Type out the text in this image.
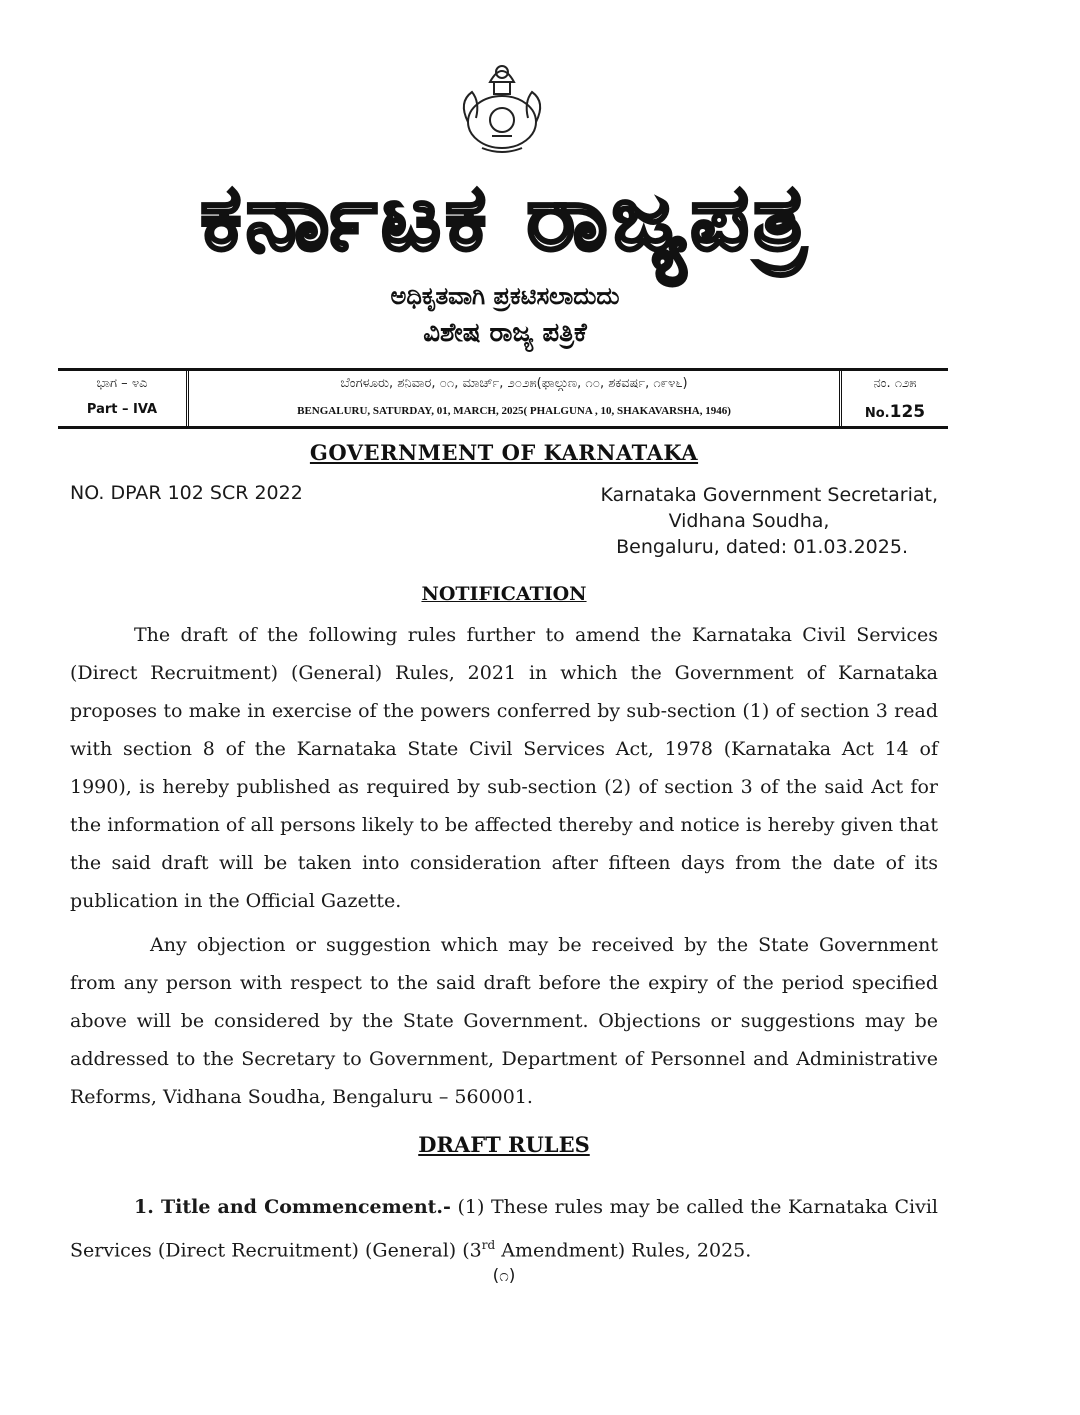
ಕರ್ನಾಟಕ ರಾಜ್ಯಪತ್ರ
ಅಧಿಕೃತವಾಗಿ ಪ್ರಕಟಿಸಲಾದುದು
ವಿಶೇಷ ರಾಜ್ಯ ಪತ್ರಿಕೆ
ಭಾಗ – ೪ಎ
Part – IVA
ಬೆಂಗಳೂರು, ಶನಿವಾರ, ೦೧, ಮಾರ್ಚ್, ೨೦೨೫(ಫಾಲ್ಗುಣ, ೧೦, ಶಕವರ್ಷ, ೧೯೪೬)
BENGALURU, SATURDAY, 01, MARCH, 2025( PHALGUNA , 10, SHAKAVARSHA, 1946)
ನಂ. ೧೨೫
No.125
GOVERNMENT OF KARNATAKA
NO. DPAR 102 SCR 2022	Karnataka Government Secretariat,
Vidhana Soudha,
Bengaluru, dated: 01.03.2025.
NOTIFICATION
The draft of the following rules further to amend the Karnataka Civil Services (Direct Recruitment) (General) Rules, 2021 in which the Government of Karnataka proposes to make in exercise of the powers conferred by sub-section (1) of section 3 read with section 8 of the Karnataka State Civil Services Act, 1978 (Karnataka Act 14 of 1990), is hereby published as required by sub-section (2) of section 3 of the said Act for the information of all persons likely to be affected thereby and notice is hereby given that the said draft will be taken into consideration after fifteen days from the date of its publication in the Official Gazette.
Any objection or suggestion which may be received by the State Government from any person with respect to the said draft before the expiry of the period specified above will be considered by the State Government. Objections or suggestions may be addressed to the Secretary to Government, Department of Personnel and Administrative Reforms, Vidhana Soudha, Bengaluru – 560001.
DRAFT RULES
1. Title and Commencement.- (1) These rules may be called the Karnataka Civil Services (Direct Recruitment) (General) (3rd Amendment) Rules, 2025.
(೧)
